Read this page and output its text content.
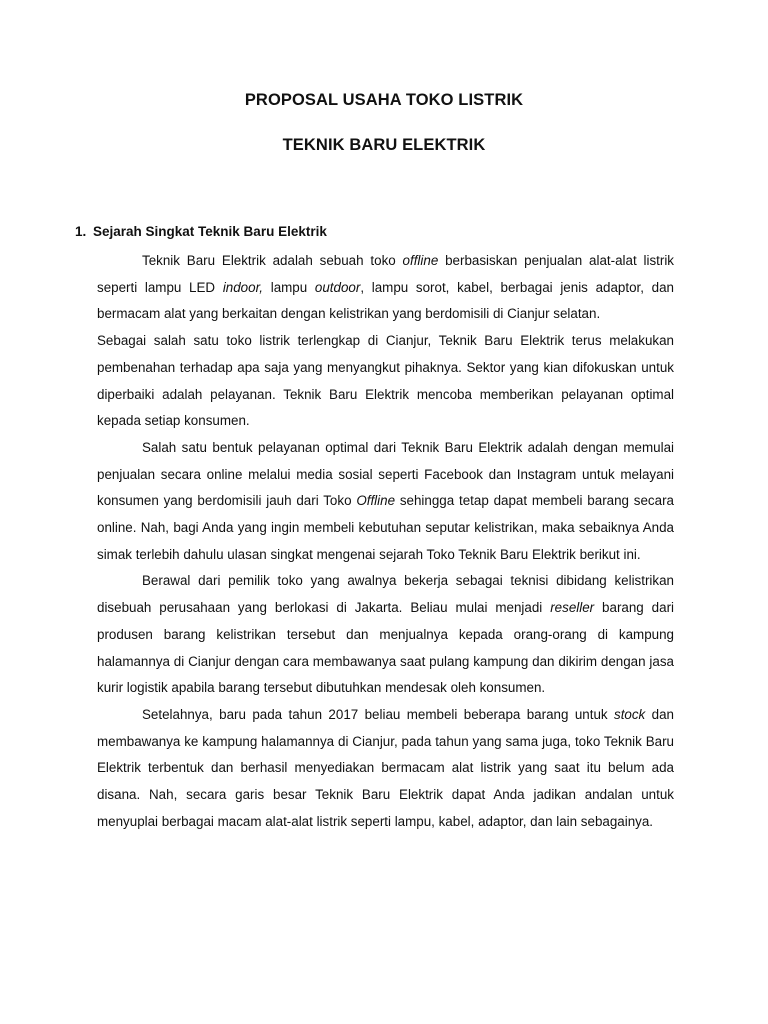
PROPOSAL USAHA TOKO LISTRIK
TEKNIK BARU ELEKTRIK
1. Sejarah Singkat Teknik Baru Elektrik

Teknik Baru Elektrik adalah sebuah toko offline berbasiskan penjualan alat-alat listrik seperti lampu LED indoor, lampu outdoor, lampu sorot, kabel, berbagai jenis adaptor, dan bermacam alat yang berkaitan dengan kelistrikan yang berdomisili di Cianjur selatan.

Sebagai salah satu toko listrik terlengkap di Cianjur, Teknik Baru Elektrik terus melakukan pembenahan terhadap apa saja yang menyangkut pihaknya. Sektor yang kian difokuskan untuk diperbaiki adalah pelayanan. Teknik Baru Elektrik mencoba memberikan pelayanan optimal kepada setiap konsumen.

Salah satu bentuk pelayanan optimal dari Teknik Baru Elektrik adalah dengan memulai penjualan secara online melalui media sosial seperti Facebook dan Instagram untuk melayani konsumen yang berdomisili jauh dari Toko Offline sehingga tetap dapat membeli barang secara online. Nah, bagi Anda yang ingin membeli kebutuhan seputar kelistrikan, maka sebaiknya Anda simak terlebih dahulu ulasan singkat mengenai sejarah Toko Teknik Baru Elektrik berikut ini.

Berawal dari pemilik toko yang awalnya bekerja sebagai teknisi dibidang kelistrikan disebuah perusahaan yang berlokasi di Jakarta. Beliau mulai menjadi reseller barang dari produsen barang kelistrikan tersebut dan menjualnya kepada orang-orang di kampung halamannya di Cianjur dengan cara membawanya saat pulang kampung dan dikirim dengan jasa kurir logistik apabila barang tersebut dibutuhkan mendesak oleh konsumen.

Setelahnya, baru pada tahun 2017 beliau membeli beberapa barang untuk stock dan membawanya ke kampung halamannya di Cianjur, pada tahun yang sama juga, toko Teknik Baru Elektrik terbentuk dan berhasil menyediakan bermacam alat listrik yang saat itu belum ada disana. Nah, secara garis besar Teknik Baru Elektrik dapat Anda jadikan andalan untuk menyuplai berbagai macam alat-alat listrik seperti lampu, kabel, adaptor, dan lain sebagainya.
